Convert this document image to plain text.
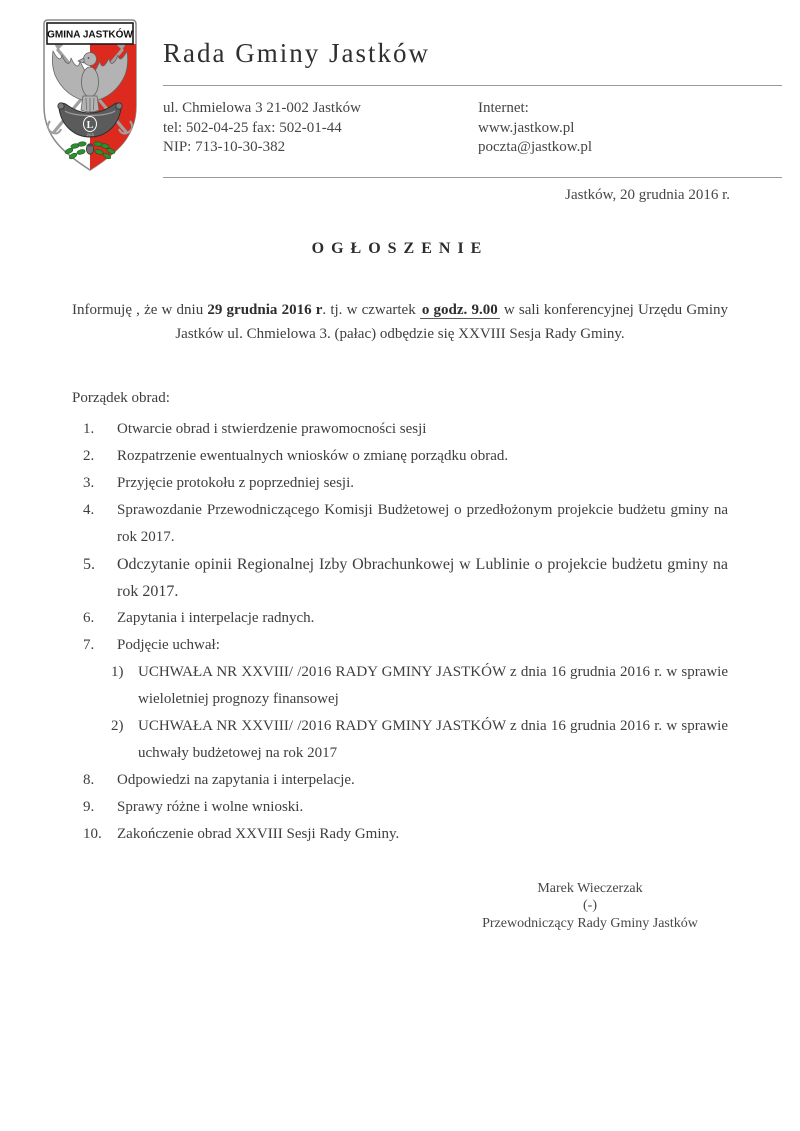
L
1915
GMINA JASTKÓW
Rada Gminy Jastków
ul. Chmielowa 3 21-002 Jastków
tel: 502-04-25 fax: 502-01-44
NIP: 713-10-30-382
Internet:
www.jastkow.pl
poczta@jastkow.pl
Jastków, 20 grudnia 2016 r.
OGŁOSZENIE

Informuję , że w dniu 29 grudnia 2016 r. tj. w czwartek o godz. 9.00 w sali konferencyjnej Urzędu Gminy Jastków ul. Chmielowa 3. (pałac) odbędzie się XXVIII Sesja Rady Gminy.

Porządek obrad:
1.	Otwarcie obrad i stwierdzenie prawomocności sesji
2.	Rozpatrzenie ewentualnych wniosków o zmianę porządku obrad.
3.	Przyjęcie protokołu z poprzedniej sesji.
4.	Sprawozdanie Przewodniczącego Komisji Budżetowej o przedłożonym projekcie budżetu gminy na rok 2017.
5.	Odczytanie opinii Regionalnej Izby Obrachunkowej w Lublinie o projekcie budżetu gminy na rok 2017.
6.	Zapytania i interpelacje radnych.
7.	Podjęcie uchwał:
1) UCHWAŁA NR XXVIII/ /2016 RADY GMINY JASTKÓW z dnia 16 grudnia 2016 r. w sprawie wieloletniej prognozy finansowej
2) UCHWAŁA NR XXVIII/ /2016 RADY GMINY JASTKÓW z dnia 16 grudnia 2016 r. w sprawie uchwały budżetowej na rok 2017
8.	Odpowiedzi na zapytania i interpelacje.
9.	Sprawy różne i wolne wnioski.
10.	Zakończenie obrad XXVIII Sesji Rady Gminy.
Marek Wieczerzak
(-)
Przewodniczący Rady Gminy Jastków
